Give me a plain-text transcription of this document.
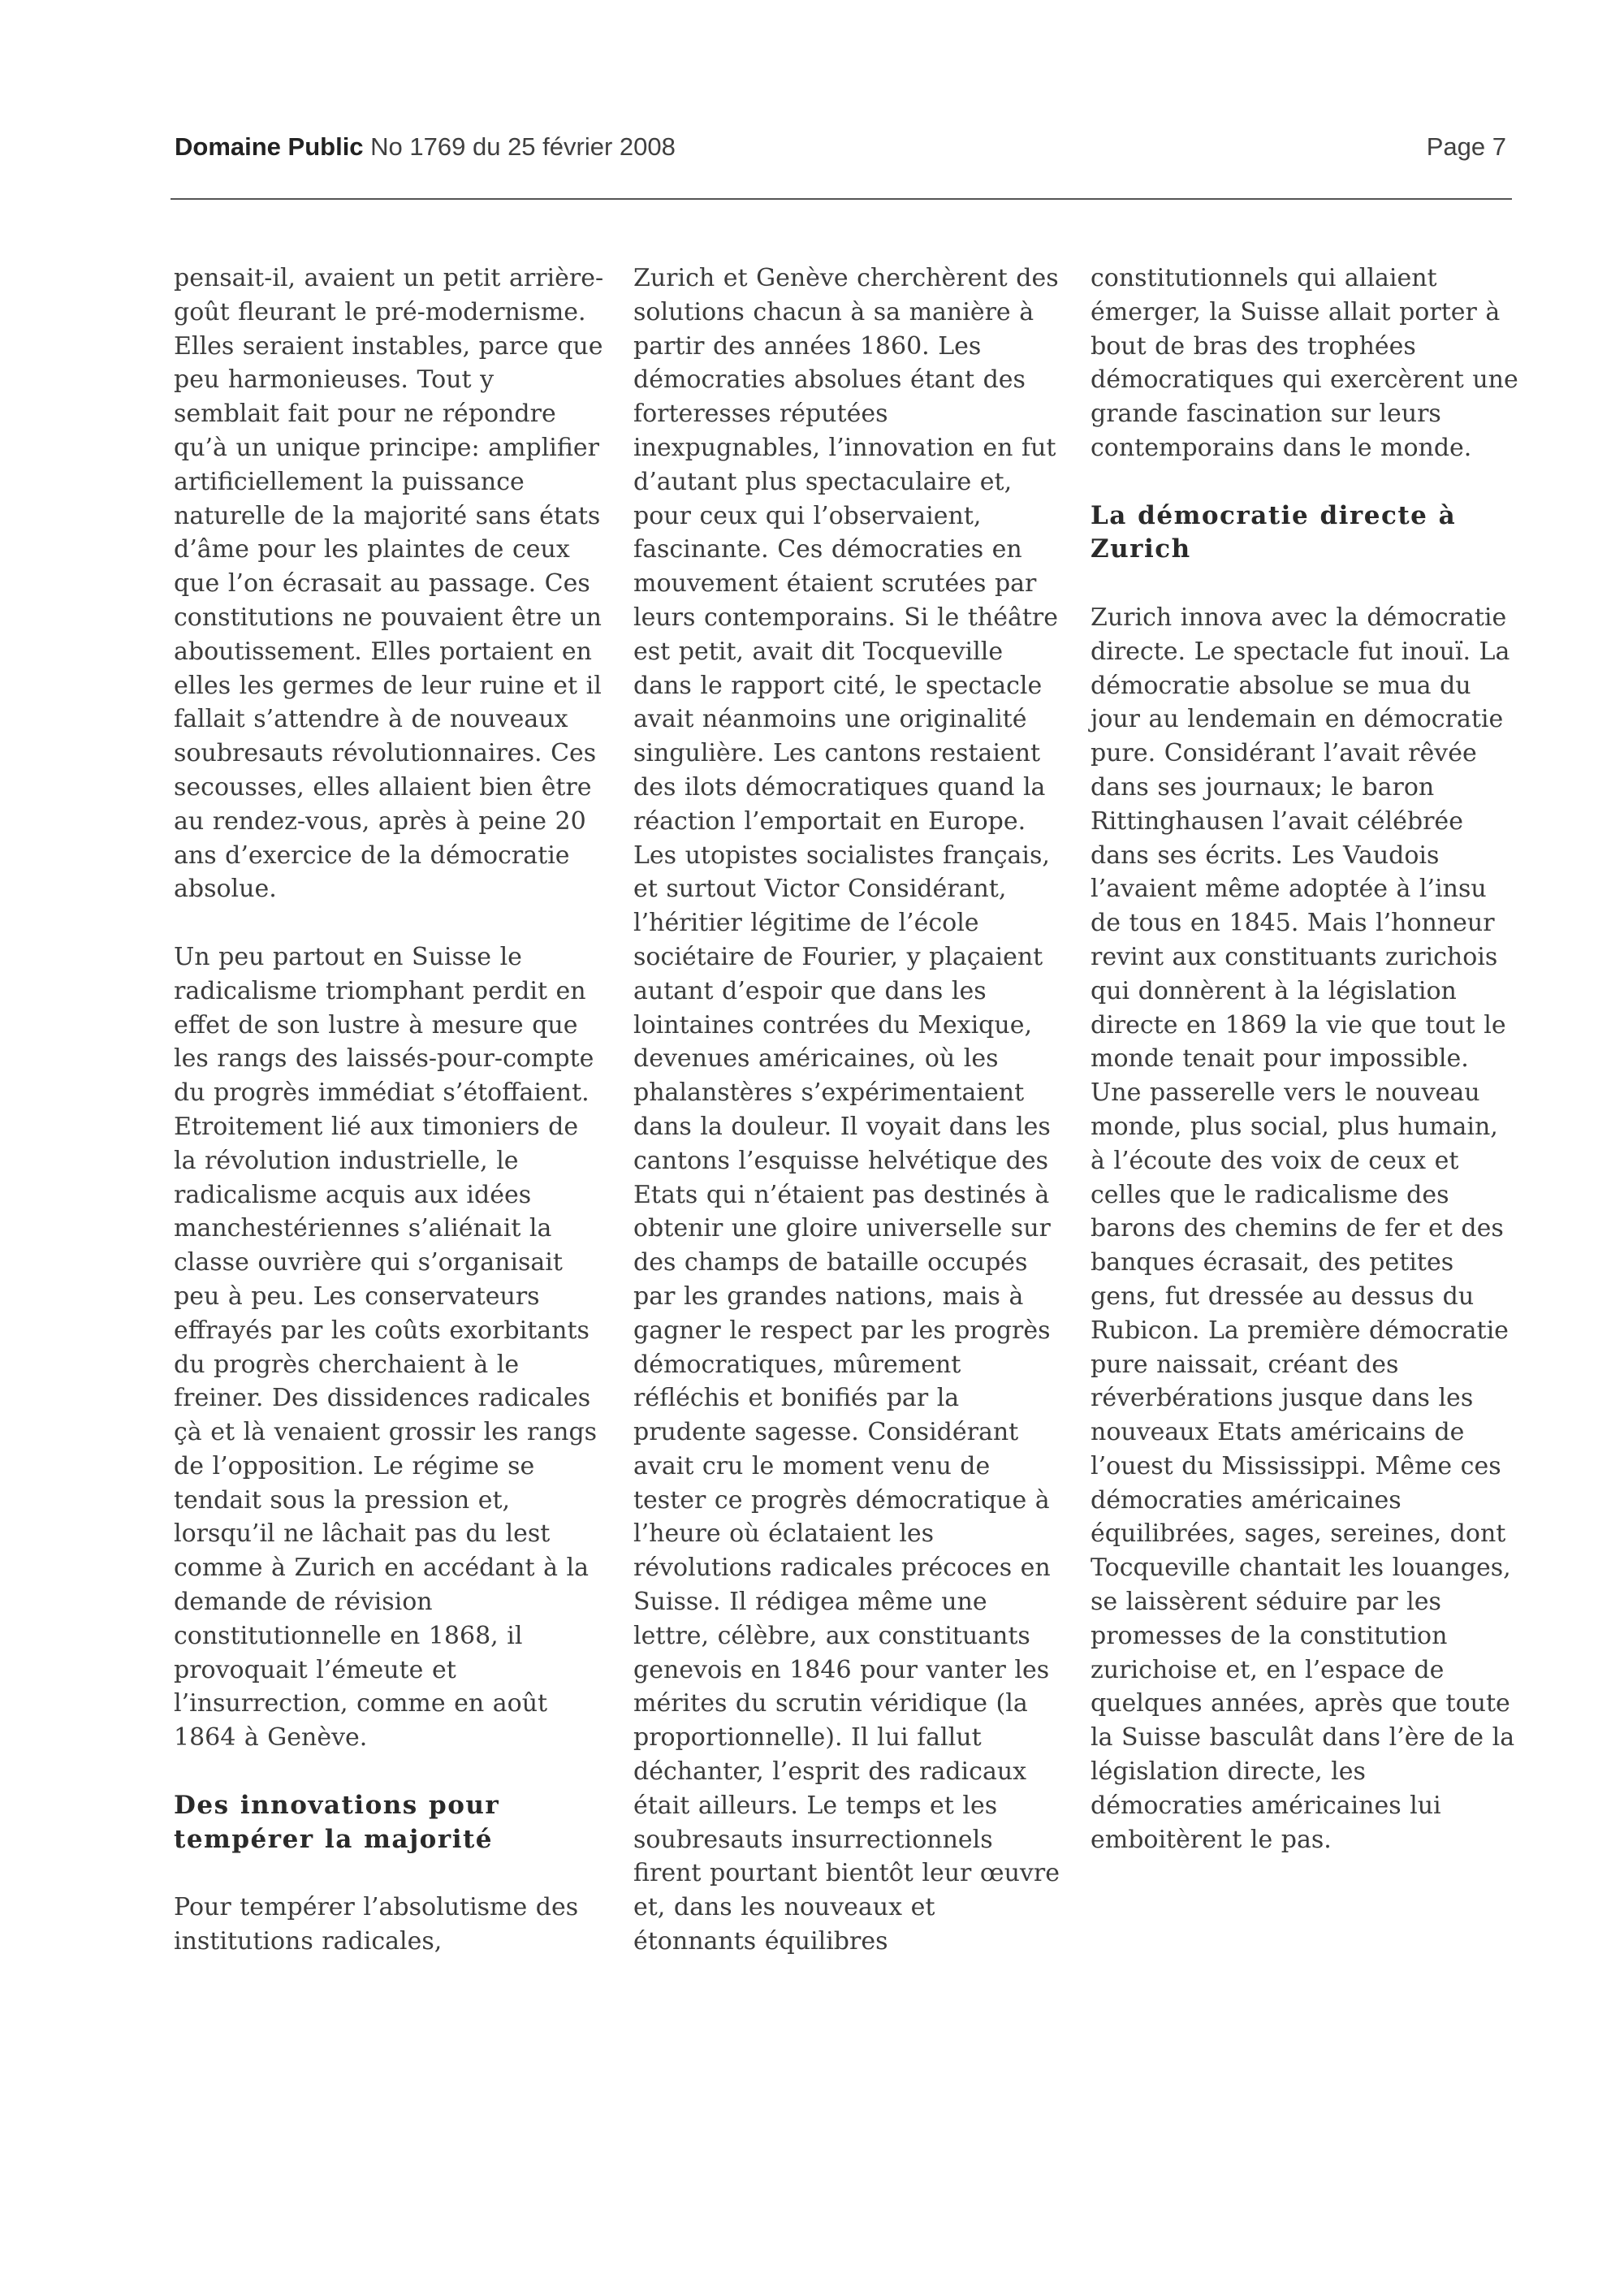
Domaine Public No 1769 du 25 février 2008	Page 7

pensait-il, avaient un petit arrière-goût fleurant le pré-modernisme. Elles seraient instables, parce que peu harmonieuses. Tout y semblait fait pour ne répondre qu’à un unique principe: amplifier artificiellement la puissance naturelle de la majorité sans états d’âme pour les plaintes de ceux que l’on écrasait au passage. Ces constitutions ne pouvaient être un aboutissement. Elles portaient en elles les germes de leur ruine et il fallait s’attendre à de nouveaux soubresauts révolutionnaires. Ces secousses, elles allaient bien être au rendez-vous, après à peine 20 ans d’exercice de la démocratie absolue.

Un peu partout en Suisse le radicalisme triomphant perdit en effet de son lustre à mesure que les rangs des laissés-pour-compte du progrès immédiat s’étoffaient. Etroitement lié aux timoniers de la révolution industrielle, le radicalisme acquis aux idées manchestériennes s’aliénait la classe ouvrière qui s’organisait peu à peu. Les conservateurs effrayés par les coûts exorbitants du progrès cherchaient à le freiner. Des dissidences radicales çà et là venaient grossir les rangs de l’opposition. Le régime se tendait sous la pression et, lorsqu’il ne lâchait pas du lest comme à Zurich en accédant à la demande de révision constitutionnelle en 1868, il provoquait l’émeute et l’insurrection, comme en août 1864 à Genève.

Des innovations pour tempérer la majorité

Pour tempérer l’absolutisme des institutions radicales,

Zurich et Genève cherchèrent des solutions chacun à sa manière à partir des années 1860. Les démocraties absolues étant des forteresses réputées inexpugnables, l’innovation en fut d’autant plus spectaculaire et, pour ceux qui l’observaient, fascinante. Ces démocraties en mouvement étaient scrutées par leurs contemporains. Si le théâtre est petit, avait dit Tocqueville dans le rapport cité, le spectacle avait néanmoins une originalité singulière. Les cantons restaient des ilots démocratiques quand la réaction l’emportait en Europe. Les utopistes socialistes français, et surtout Victor Considérant, l’héritier légitime de l’école sociétaire de Fourier, y plaçaient autant d’espoir que dans les lointaines contrées du Mexique, devenues américaines, où les phalanstères s’expérimentaient dans la douleur. Il voyait dans les cantons l’esquisse helvétique des Etats qui n’étaient pas destinés à obtenir une gloire universelle sur des champs de bataille occupés par les grandes nations, mais à gagner le respect par les progrès démocratiques, mûrement réfléchis et bonifiés par la prudente sagesse. Considérant avait cru le moment venu de tester ce progrès démocratique à l’heure où éclataient les révolutions radicales précoces en Suisse. Il rédigea même une lettre, célèbre, aux constituants genevois en 1846 pour vanter les mérites du scrutin véridique (la proportionnelle). Il lui fallut déchanter, l’esprit des radicaux était ailleurs. Le temps et les soubresauts insurrectionnels firent pourtant bientôt leur œuvre et, dans les nouveaux et étonnants équilibres

constitutionnels qui allaient émerger, la Suisse allait porter à bout de bras des trophées démocratiques qui exercèrent une grande fascination sur leurs contemporains dans le monde.

La démocratie directe à Zurich

Zurich innova avec la démocratie directe. Le spectacle fut inouï. La démocratie absolue se mua du jour au lendemain en démocratie pure. Considérant l’avait rêvée dans ses journaux; le baron Rittinghausen l’avait célébrée dans ses écrits. Les Vaudois l’avaient même adoptée à l’insu de tous en 1845. Mais l’honneur revint aux constituants zurichois qui donnèrent à la législation directe en 1869 la vie que tout le monde tenait pour impossible. Une passerelle vers le nouveau monde, plus social, plus humain, à l’écoute des voix de ceux et celles que le radicalisme des barons des chemins de fer et des banques écrasait, des petites gens, fut dressée au dessus du Rubicon. La première démocratie pure naissait, créant des réverbérations jusque dans les nouveaux Etats américains de l’ouest du Mississippi. Même ces démocraties américaines équilibrées, sages, sereines, dont Tocqueville chantait les louanges, se laissèrent séduire par les promesses de la constitution zurichoise et, en l’espace de quelques années, après que toute la Suisse basculât dans l’ère de la législation directe, les démocraties américaines lui emboitèrent le pas.
